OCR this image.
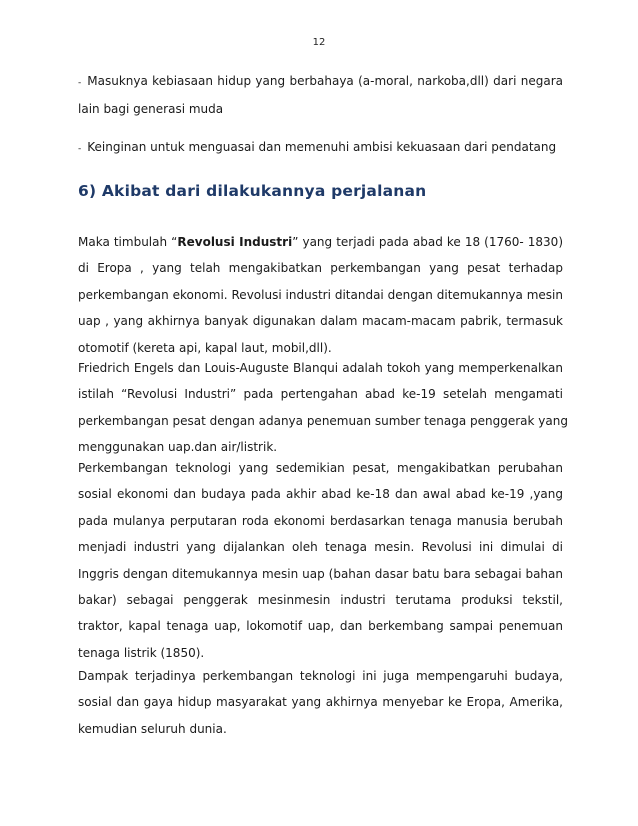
12
- Masuknya kebiasaan hidup yang berbahaya (a-moral, narkoba,dll) dari negara
lain bagi generasi muda
- Keinginan untuk menguasai dan memenuhi ambisi kekuasaan dari pendatang
6) Akibat dari dilakukannya perjalanan
Maka timbulah “Revolusi Industri” yang terjadi pada abad ke 18 (1760- 1830)
di Eropa , yang telah mengakibatkan perkembangan yang pesat terhadap
perkembangan ekonomi. Revolusi industri ditandai dengan ditemukannya mesin
uap , yang akhirnya banyak digunakan dalam macam-macam pabrik, termasuk
otomotif (kereta api, kapal laut, mobil,dll).
Friedrich Engels dan Louis-Auguste Blanqui adalah tokoh yang memperkenalkan
istilah “Revolusi Industri” pada pertengahan abad ke-19 setelah mengamati
perkembangan pesat dengan adanya penemuan sumber tenaga penggerak yang
menggunakan uap.dan air/listrik.
Perkembangan teknologi yang sedemikian pesat, mengakibatkan perubahan
sosial ekonomi dan budaya pada akhir abad ke-18 dan awal abad ke-19 ,yang
pada mulanya perputaran roda ekonomi berdasarkan tenaga manusia berubah
menjadi industri yang dijalankan oleh tenaga mesin. Revolusi ini dimulai di
Inggris dengan ditemukannya mesin uap (bahan dasar batu bara sebagai bahan
bakar) sebagai penggerak mesinmesin industri terutama produksi tekstil,
traktor, kapal tenaga uap, lokomotif uap, dan berkembang sampai penemuan
tenaga listrik (1850).
Dampak terjadinya perkembangan teknologi ini juga mempengaruhi budaya,
sosial dan gaya hidup masyarakat yang akhirnya menyebar ke Eropa, Amerika,
kemudian seluruh dunia.
